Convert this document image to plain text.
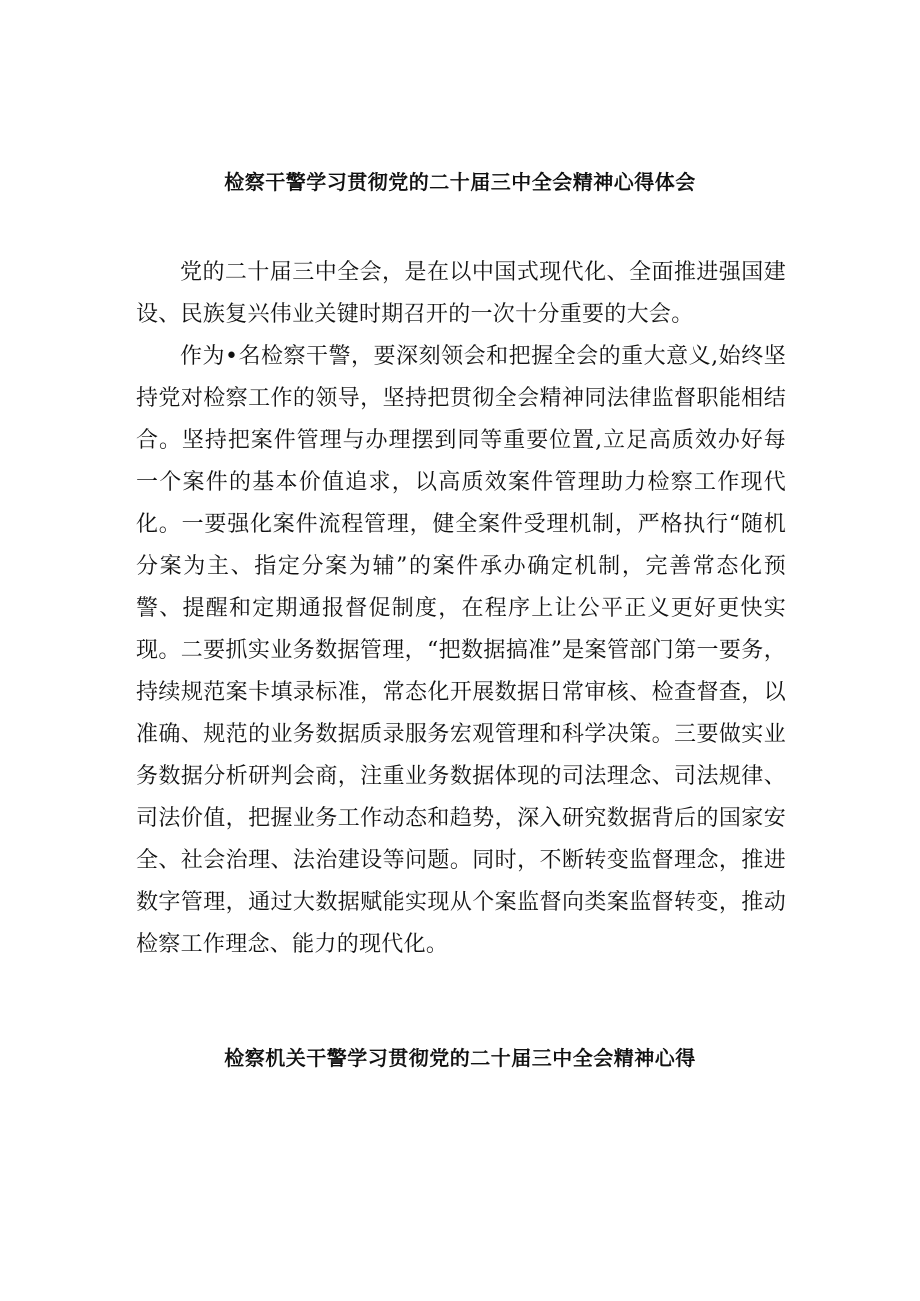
检察干警学习贯彻党的二十届三中全会精神心得体会

党的二十届三中全会，是在以中国式现代化、全面推进强国建设、民族复兴伟业关键时期召开的一次十分重要的大会。

作为•名检察干警，要深刻领会和把握全会的重大意义,始终坚持党对检察工作的领导，坚持把贯彻全会精神同法律监督职能相结合。坚持把案件管理与办理摆到同等重要位置,立足高质效办好每一个案件的基本价值追求，以高质效案件管理助力检察工作现代化。一要强化案件流程管理，健全案件受理机制，严格执行“随机分案为主、指定分案为辅”的案件承办确定机制，完善常态化预警、提醒和定期通报督促制度，在程序上让公平正义更好更快实现。二要抓实业务数据管理，“把数据搞准”是案管部门第一要务，持续规范案卡填录标准，常态化开展数据日常审核、检查督查，以准确、规范的业务数据质录服务宏观管理和科学决策。三要做实业务数据分析研判会商，注重业务数据体现的司法理念、司法规律、司法价值，把握业务工作动态和趋势，深入研究数据背后的国家安全、社会治理、法治建设等问题。同时，不断转变监督理念，推进数字管理，通过大数据赋能实现从个案监督向类案监督转变，推动检察工作理念、能力的现代化。

检察机关干警学习贯彻党的二十届三中全会精神心得
